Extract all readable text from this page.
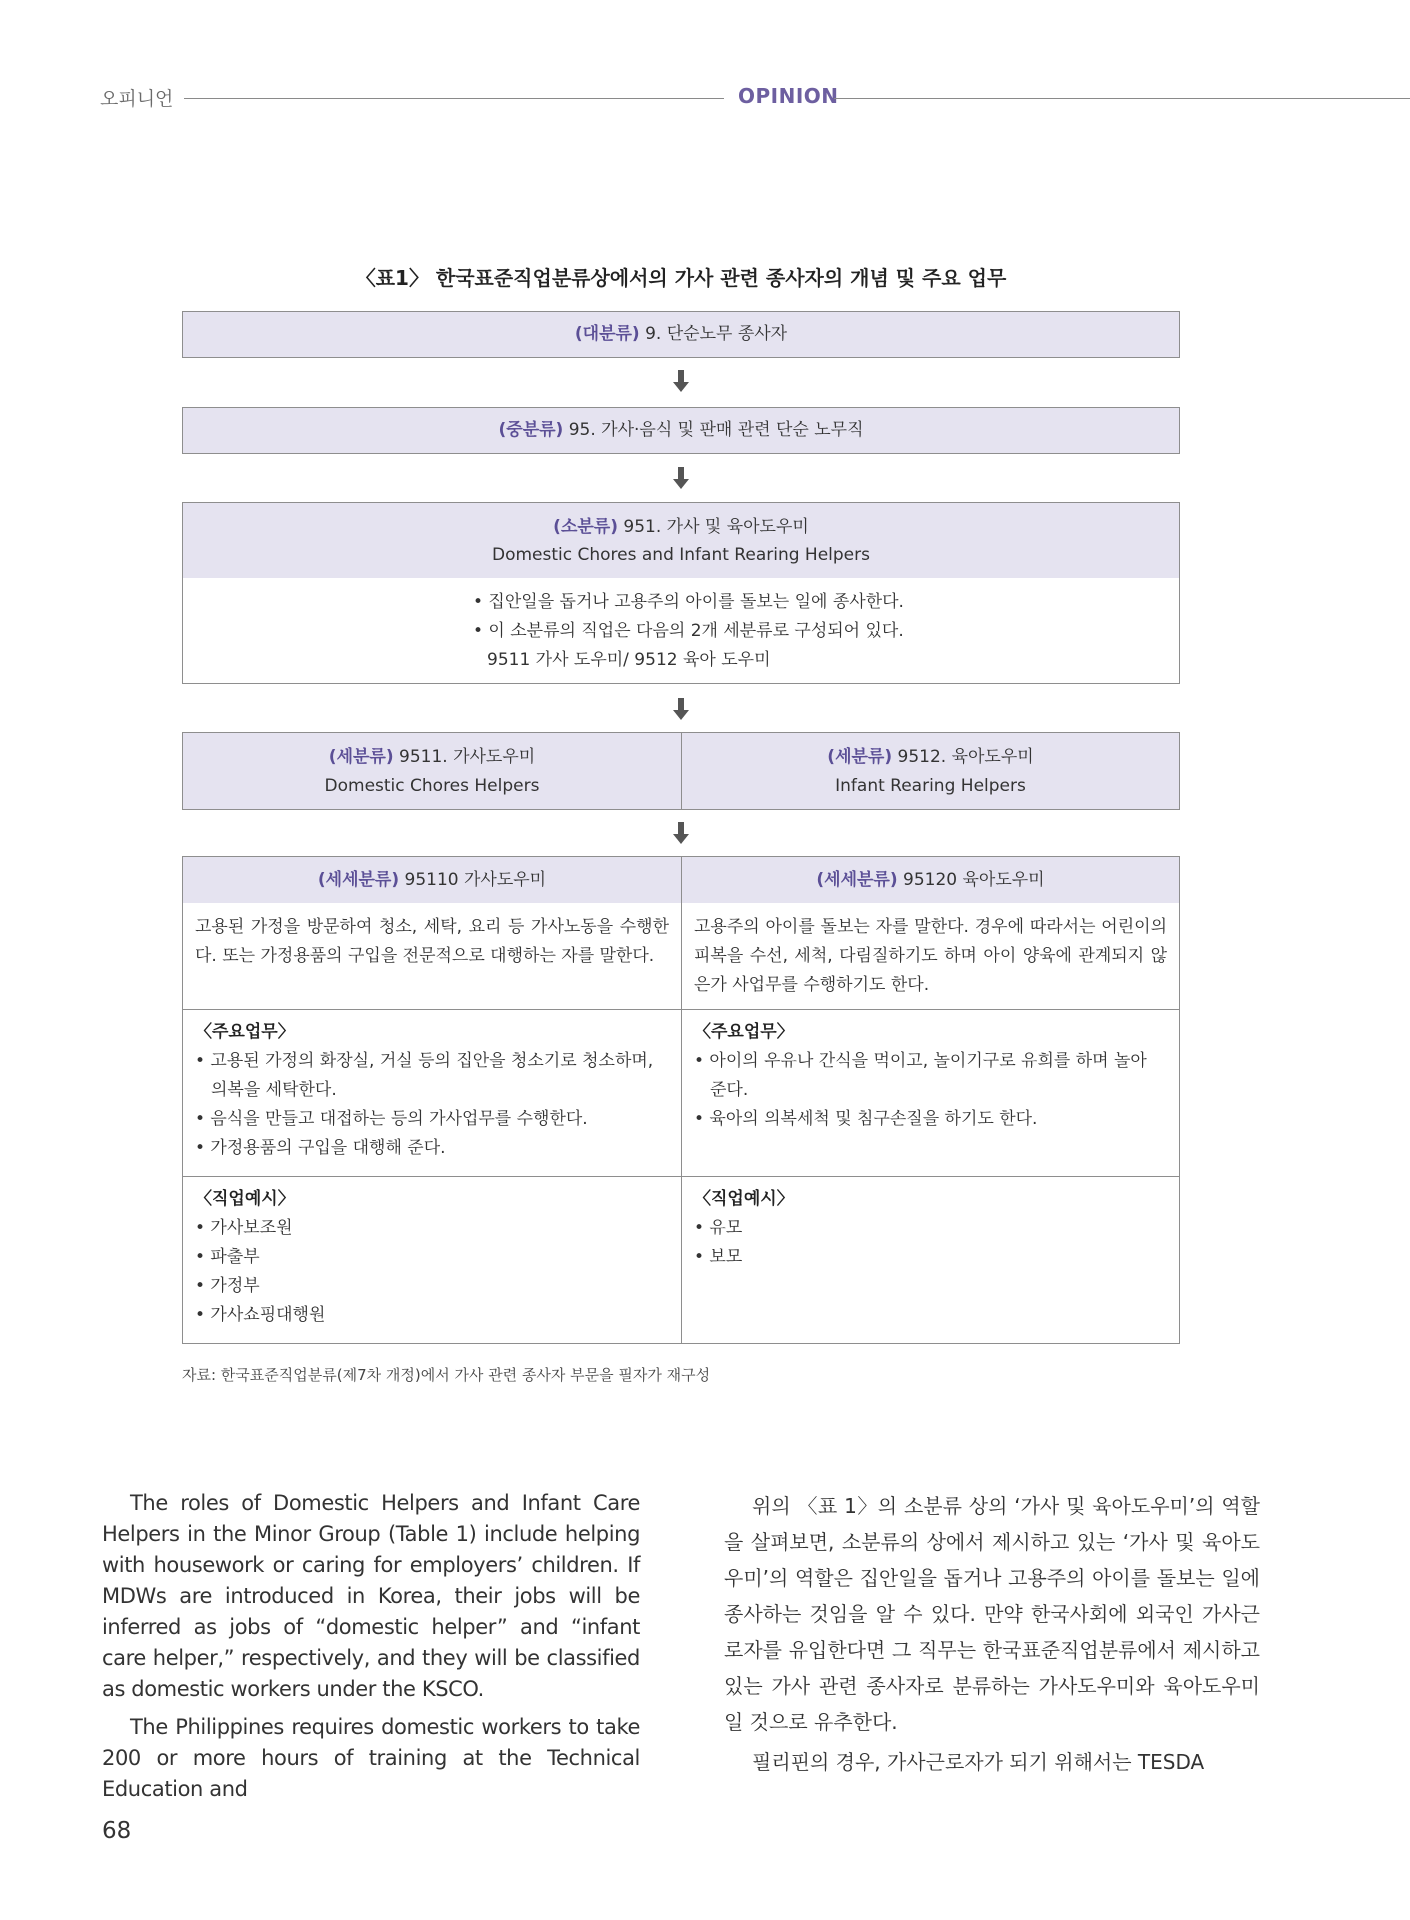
오피니언	OPINION
〈표1〉 한국표준직업분류상에서의 가사 관련 종사자의 개념 및 주요 업무
(대분류) 9. 단순노무 종사자
(중분류) 95. 가사·음식 및 판매 관련 단순 노무직
(소분류) 951. 가사 및 육아도우미
Domestic Chores and Infant Rearing Helpers
• 집안일을 돕거나 고용주의 아이를 돌보는 일에 종사한다.
• 이 소분류의 직업은 다음의 2개 세분류로 구성되어 있다.
9511 가사 도우미/ 9512 육아 도우미
(세분류) 9511. 가사도우미
Domestic Chores Helpers
(세분류) 9512. 육아도우미
Infant Rearing Helpers
(세세분류) 95110 가사도우미	(세세분류) 95120 육아도우미
고용된 가정을 방문하여 청소, 세탁, 요리 등 가사노동을 수행한다. 또는 가정용품의 구입을 전문적으로 대행하는 자를 말한다.
고용주의 아이를 돌보는 자를 말한다. 경우에 따라서는 어린이의 피복을 수선, 세척, 다림질하기도 하며 아이 양육에 관계되지 않은가 사업무를 수행하기도 한다.
〈주요업무〉
• 고용된 가정의 화장실, 거실 등의 집안을 청소기로 청소하며, 의복을 세탁한다.
• 음식을 만들고 대접하는 등의 가사업무를 수행한다.
• 가정용품의 구입을 대행해 준다.
〈주요업무〉
• 아이의 우유나 간식을 먹이고, 놀이기구로 유희를 하며 놀아 준다.
• 육아의 의복세척 및 침구손질을 하기도 한다.
〈직업예시〉
• 가사보조원
• 파출부
• 가정부
• 가사쇼핑대행원
〈직업예시〉
• 유모
• 보모
자료: 한국표준직업분류(제7차 개정)에서 가사 관련 종사자 부문을 필자가 재구성

The roles of Domestic Helpers and Infant Care Helpers in the Minor Group (Table 1) include helping with housework or caring for employers’ children. If MDWs are introduced in Korea, their jobs will be inferred as jobs of “domestic helper” and “infant care helper,” respectively, and they will be classified as domestic workers under the KSCO.

The Philippines requires domestic workers to take 200 or more hours of training at the Technical Education and

위의 〈표 1〉의 소분류 상의 ‘가사 및 육아도우미’의 역할을 살펴보면, 소분류의 상에서 제시하고 있는 ‘가사 및 육아도우미’의 역할은 집안일을 돕거나 고용주의 아이를 돌보는 일에 종사하는 것임을 알 수 있다. 만약 한국사회에 외국인 가사근로자를 유입한다면 그 직무는 한국표준직업분류에서 제시하고 있는 가사 관련 종사자로 분류하는 가사도우미와 육아도우미일 것으로 유추한다.

필리핀의 경우, 가사근로자가 되기 위해서는 TESDA

68
